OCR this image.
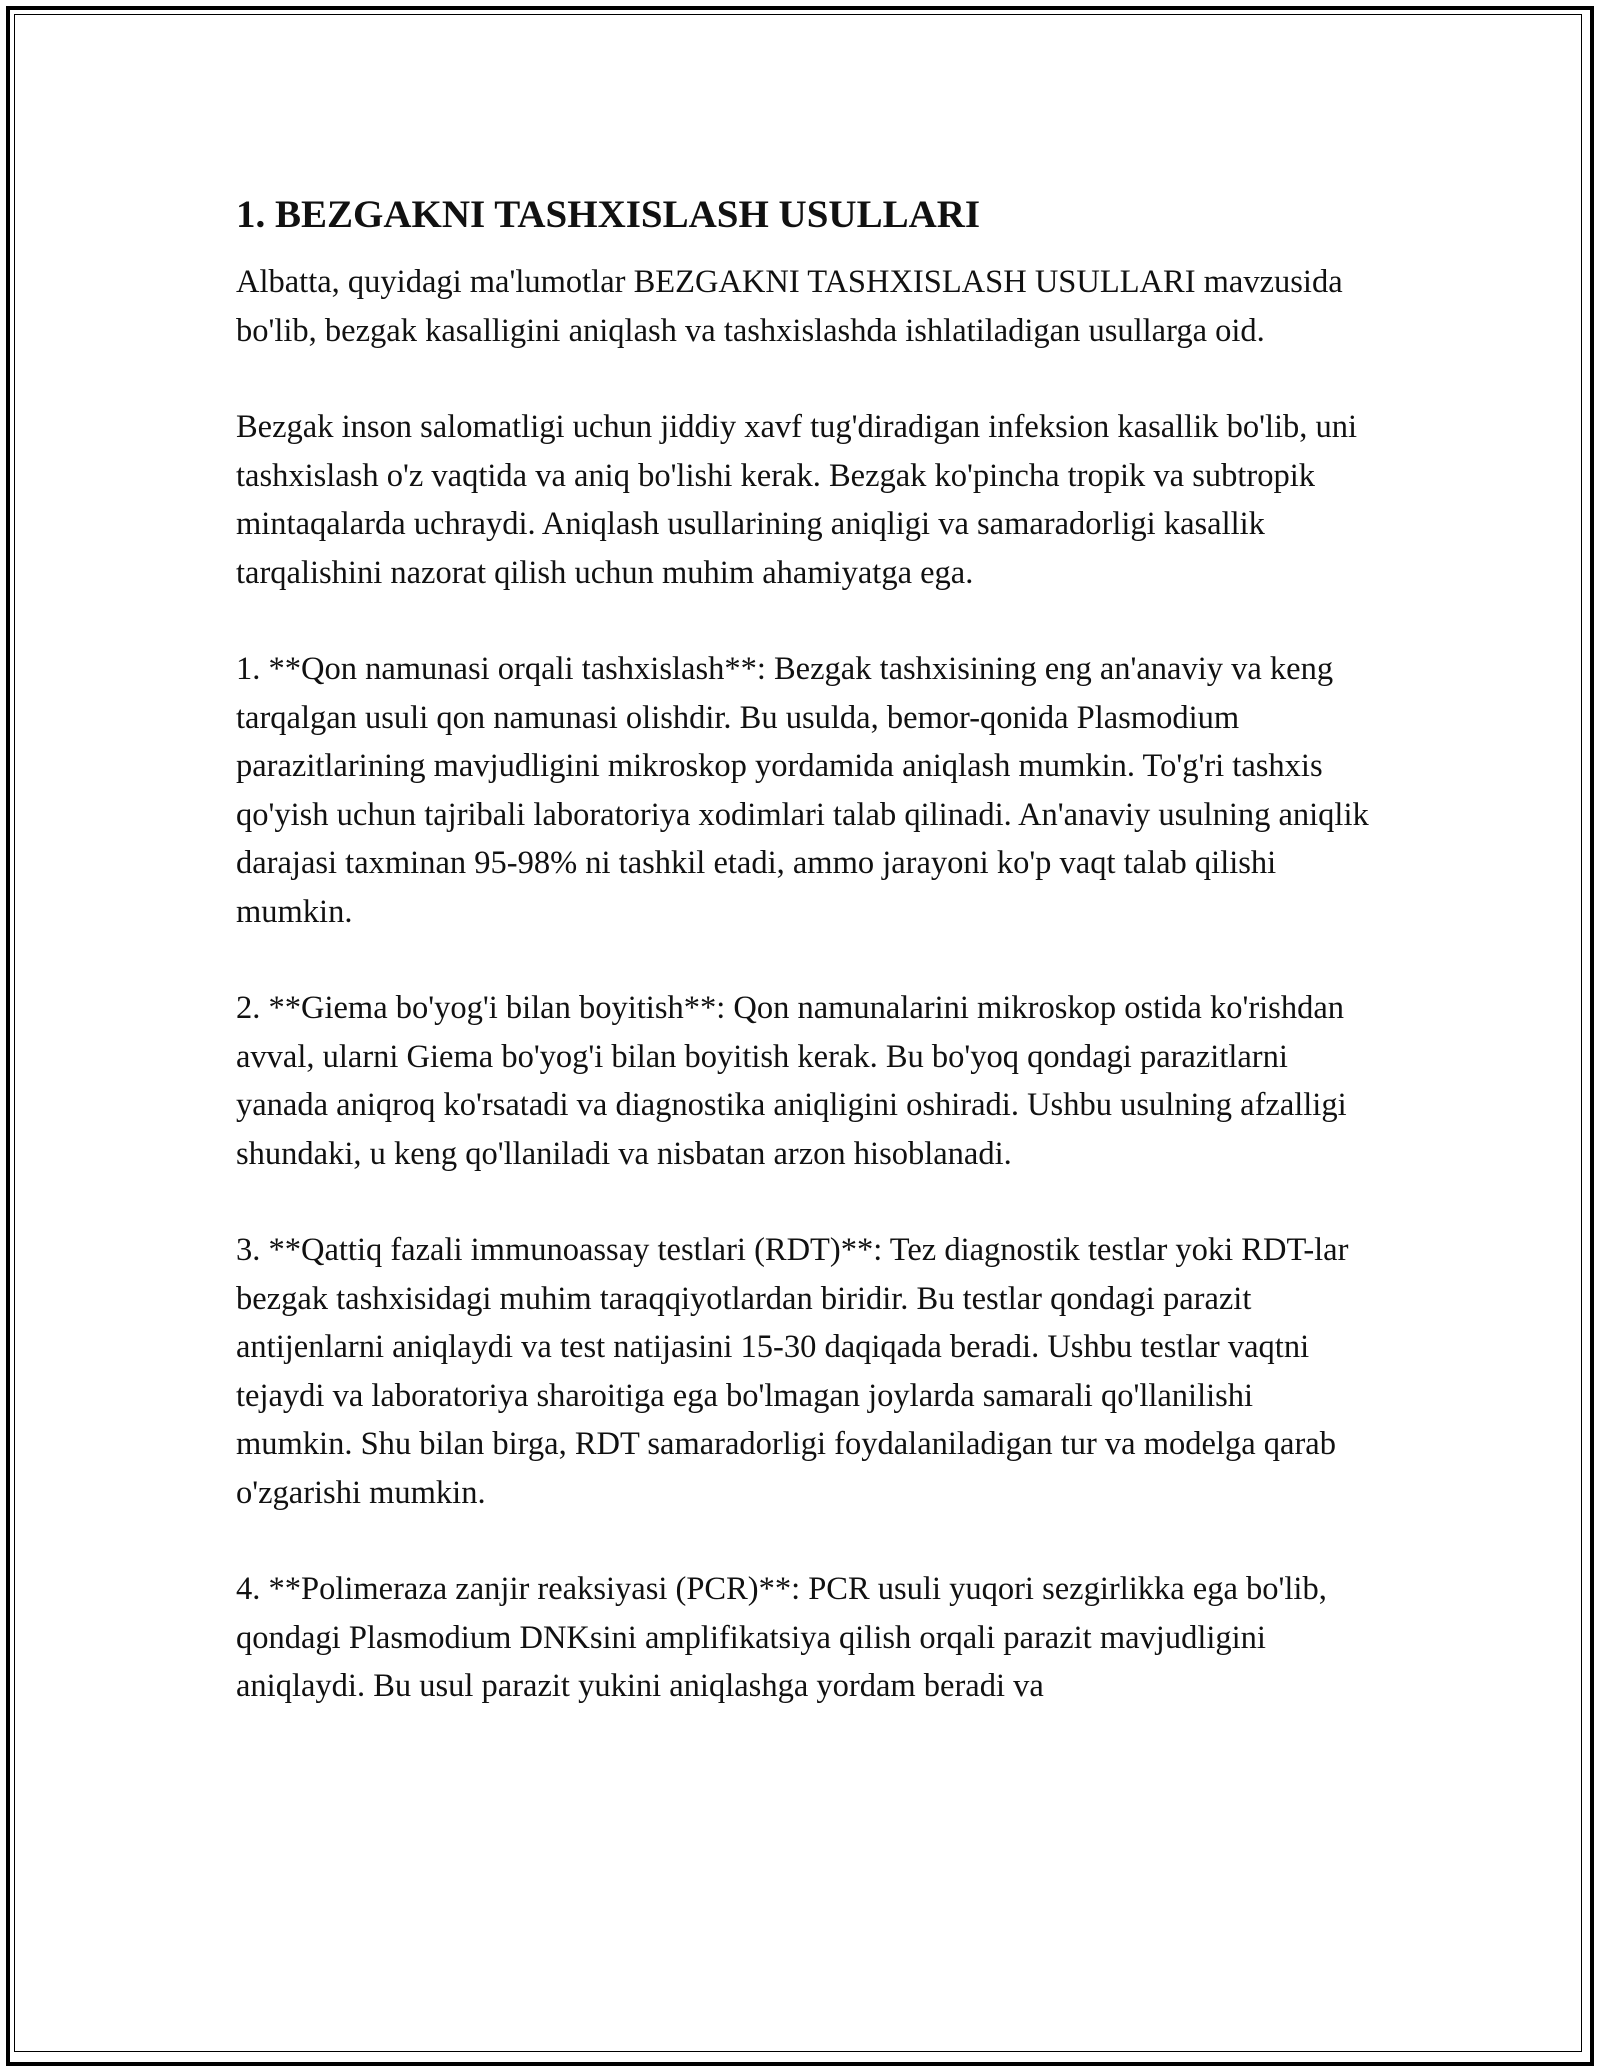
1. BEZGAKNI TASHXISLASH USULLARI

Albatta, quyidagi ma'lumotlar BEZGAKNI TASHXISLASH USULLARI mavzusida bo'lib, bezgak kasalligini aniqlash va tashxislashda ishlatiladigan usullarga oid.

Bezgak inson salomatligi uchun jiddiy xavf tug'diradigan infeksion kasallik bo'lib, uni tashxislash o'z vaqtida va aniq bo'lishi kerak. Bezgak ko'pincha tropik va subtropik mintaqalarda uchraydi. Aniqlash usullarining aniqligi va samaradorligi kasallik tarqalishini nazorat qilish uchun muhim ahamiyatga ega.

1. **Qon namunasi orqali tashxislash**: Bezgak tashxisining eng an'anaviy va keng tarqalgan usuli qon namunasi olishdir. Bu usulda, bemor-qonida Plasmodium parazitlarining mavjudligini mikroskop yordamida aniqlash mumkin. To'g'ri tashxis qo'yish uchun tajribali laboratoriya xodimlari talab qilinadi. An'anaviy usulning aniqlik darajasi taxminan 95-98% ni tashkil etadi, ammo jarayoni ko'p vaqt talab qilishi mumkin.

2. **Giema bo'yog'i bilan boyitish**: Qon namunalarini mikroskop ostida ko'rishdan avval, ularni Giema bo'yog'i bilan boyitish kerak. Bu bo'yoq qondagi parazitlarni yanada aniqroq ko'rsatadi va diagnostika aniqligini oshiradi. Ushbu usulning afzalligi shundaki, u keng qo'llaniladi va nisbatan arzon hisoblanadi.

3. **Qattiq fazali immunoassay testlari (RDT)**: Tez diagnostik testlar yoki RDT-lar bezgak tashxisidagi muhim taraqqiyotlardan biridir. Bu testlar qondagi parazit antijenlarni aniqlaydi va test natijasini 15-30 daqiqada beradi. Ushbu testlar vaqtni tejaydi va laboratoriya sharoitiga ega bo'lmagan joylarda samarali qo'llanilishi mumkin. Shu bilan birga, RDT samaradorligi foydalaniladigan tur va modelga qarab o'zgarishi mumkin.

4. **Polimeraza zanjir reaksiyasi (PCR)**: PCR usuli yuqori sezgirlikka ega bo'lib, qondagi Plasmodium DNKsini amplifikatsiya qilish orqali parazit mavjudligini aniqlaydi. Bu usul parazit yukini aniqlashga yordam beradi va
